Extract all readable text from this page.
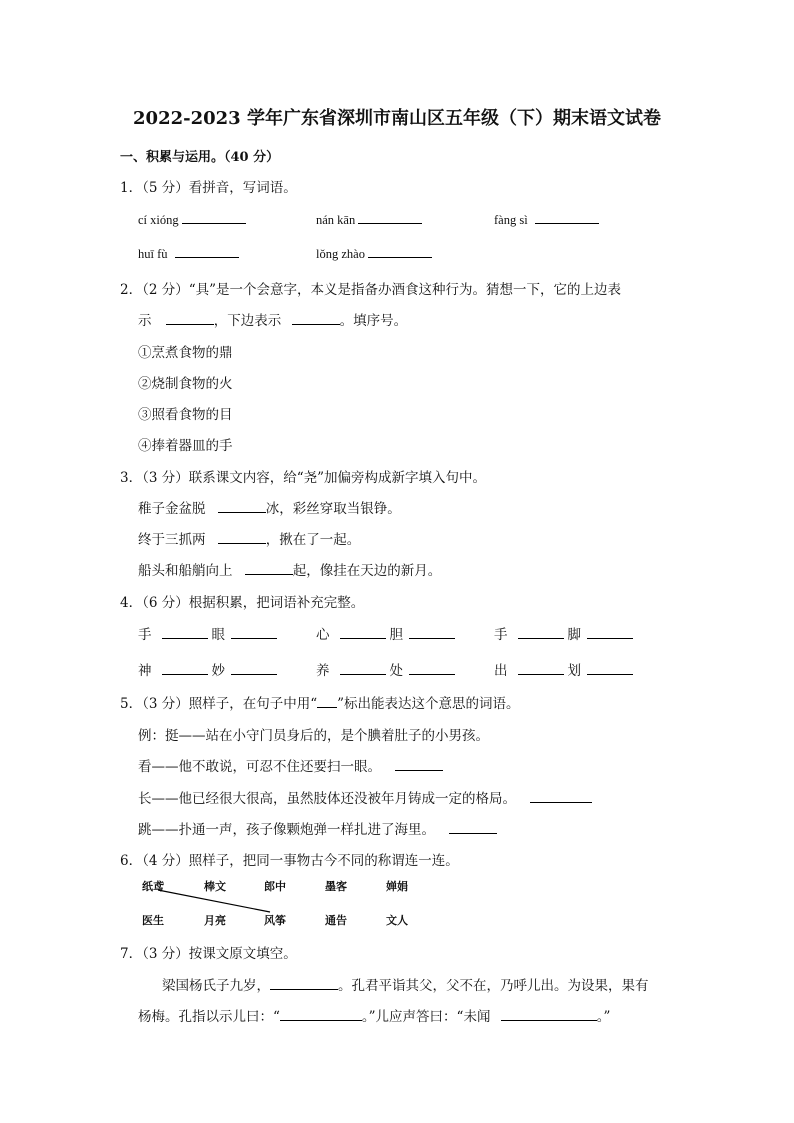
2022-2023 学年广东省深圳市南山区五年级（下）期末语文试卷
一、积累与运用。（40 分）
1．（5 分）看拼音，写词语。
cí xióng	nán kān	fàng sì
huī fù	lǒng zhào
2．（2 分）“具”是一个会意字，本义是指备办酒食这种行为。猜想一下，它的上边表
示	，下边表示	。填序号。
①烹煮食物的鼎
②烧制食物的火
③照看食物的目
④捧着器皿的手
3．（3 分）联系课文内容，给“尧”加偏旁构成新字填入句中。
稚子金盆脱	冰，彩丝穿取当银铮。
终于三抓两	，揪在了一起。
船头和船艄向上	起，像挂在天边的新月。
4．（6 分）根据积累，把词语补充完整。
手	眼	心	胆	手	脚
神	妙	养	处	出	划
5．（3 分）照样子，在句子中用“ ”标出能表达这个意思的词语。
例：挺——站在小守门员身后的，是个腆着肚子的小男孩。
看——他不敢说，可忍不住还要扫一眼。
长——他已经很大很高，虽然肢体还没被年月铸成一定的格局。
跳——扑通一声，孩子像颗炮弹一样扎进了海里。
6．（4 分）照样子，把同一事物古今不同的称谓连一连。
纸鸢	棒文	郎中	墨客	婵娟
医生	月亮	风筝	通告	文人
7．（3 分）按课文原文填空。
梁国杨氏子九岁，	。孔君平诣其父，父不在，乃呼儿出。为设果，果有
杨梅。孔指以示儿曰：“	。”儿应声答曰：“未闻	。”
